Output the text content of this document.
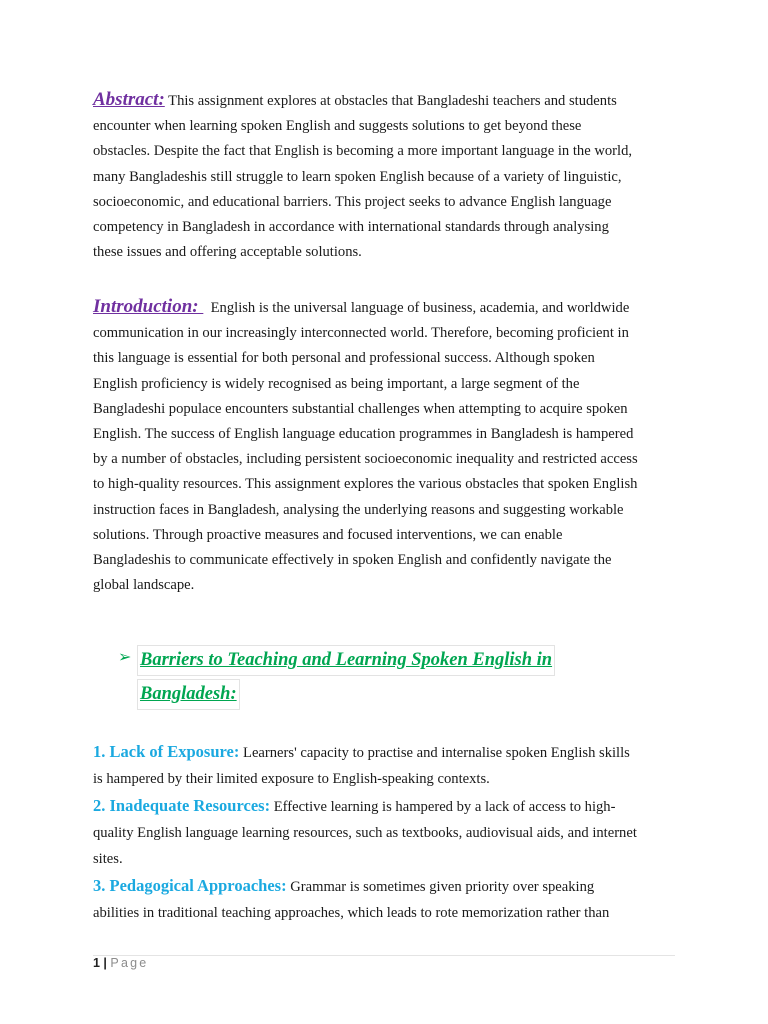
Abstract: This assignment explores at obstacles that Bangladeshi teachers and students
encounter when learning spoken English and suggests solutions to get beyond these
obstacles. Despite the fact that English is becoming a more important language in the world,
many Bangladeshis still struggle to learn spoken English because of a variety of linguistic,
socioeconomic, and educational barriers. This project seeks to advance English language
competency in Bangladesh in accordance with international standards through analysing
these issues and offering acceptable solutions.
Introduction:   English is the universal language of business, academia, and worldwide
communication in our increasingly interconnected world. Therefore, becoming proficient in
this language is essential for both personal and professional success. Although spoken
English proficiency is widely recognised as being important, a large segment of the
Bangladeshi populace encounters substantial challenges when attempting to acquire spoken
English. The success of English language education programmes in Bangladesh is hampered
by a number of obstacles, including persistent socioeconomic inequality and restricted access
to high-quality resources. This assignment explores the various obstacles that spoken English
instruction faces in Bangladesh, analysing the underlying reasons and suggesting workable
solutions. Through proactive measures and focused interventions, we can enable
Bangladeshis to communicate effectively in spoken English and confidently navigate the
global landscape.
➢ Barriers to Teaching and Learning Spoken English in
Bangladesh:
1. Lack of Exposure: Learners' capacity to practise and internalise spoken English skills
is hampered by their limited exposure to English-speaking contexts.
2. Inadequate Resources: Effective learning is hampered by a lack of access to high-
quality English language learning resources, such as textbooks, audiovisual aids, and internet
sites.
3. Pedagogical Approaches: Grammar is sometimes given priority over speaking
abilities in traditional teaching approaches, which leads to rote memorization rather than
1 | Page
